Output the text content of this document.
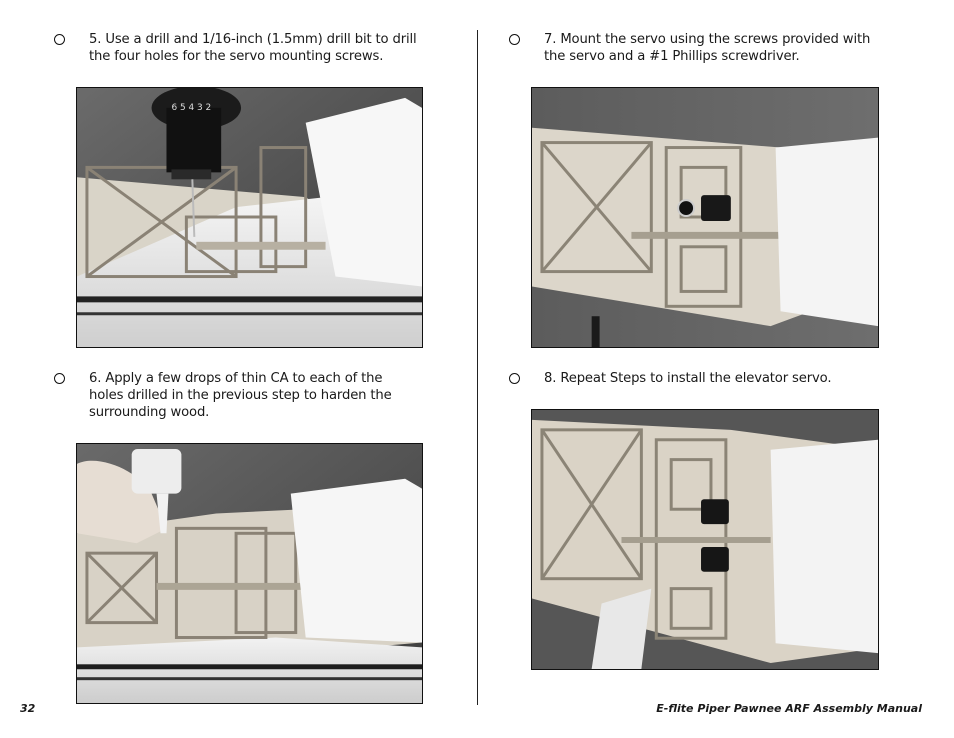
5. Use a drill and 1/16-inch (1.5mm) drill bit to drill the four holes for the servo mounting screws.
7. Mount the servo using the screws provided with the servo and a #1 Phillips screwdriver.
6. Apply a few drops of thin CA to each of the holes drilled in the previous step to harden the surrounding wood.
8. Repeat Steps to install the elevator servo.
6 5 4 3 2
32	E-flite Piper Pawnee ARF Assembly Manual
